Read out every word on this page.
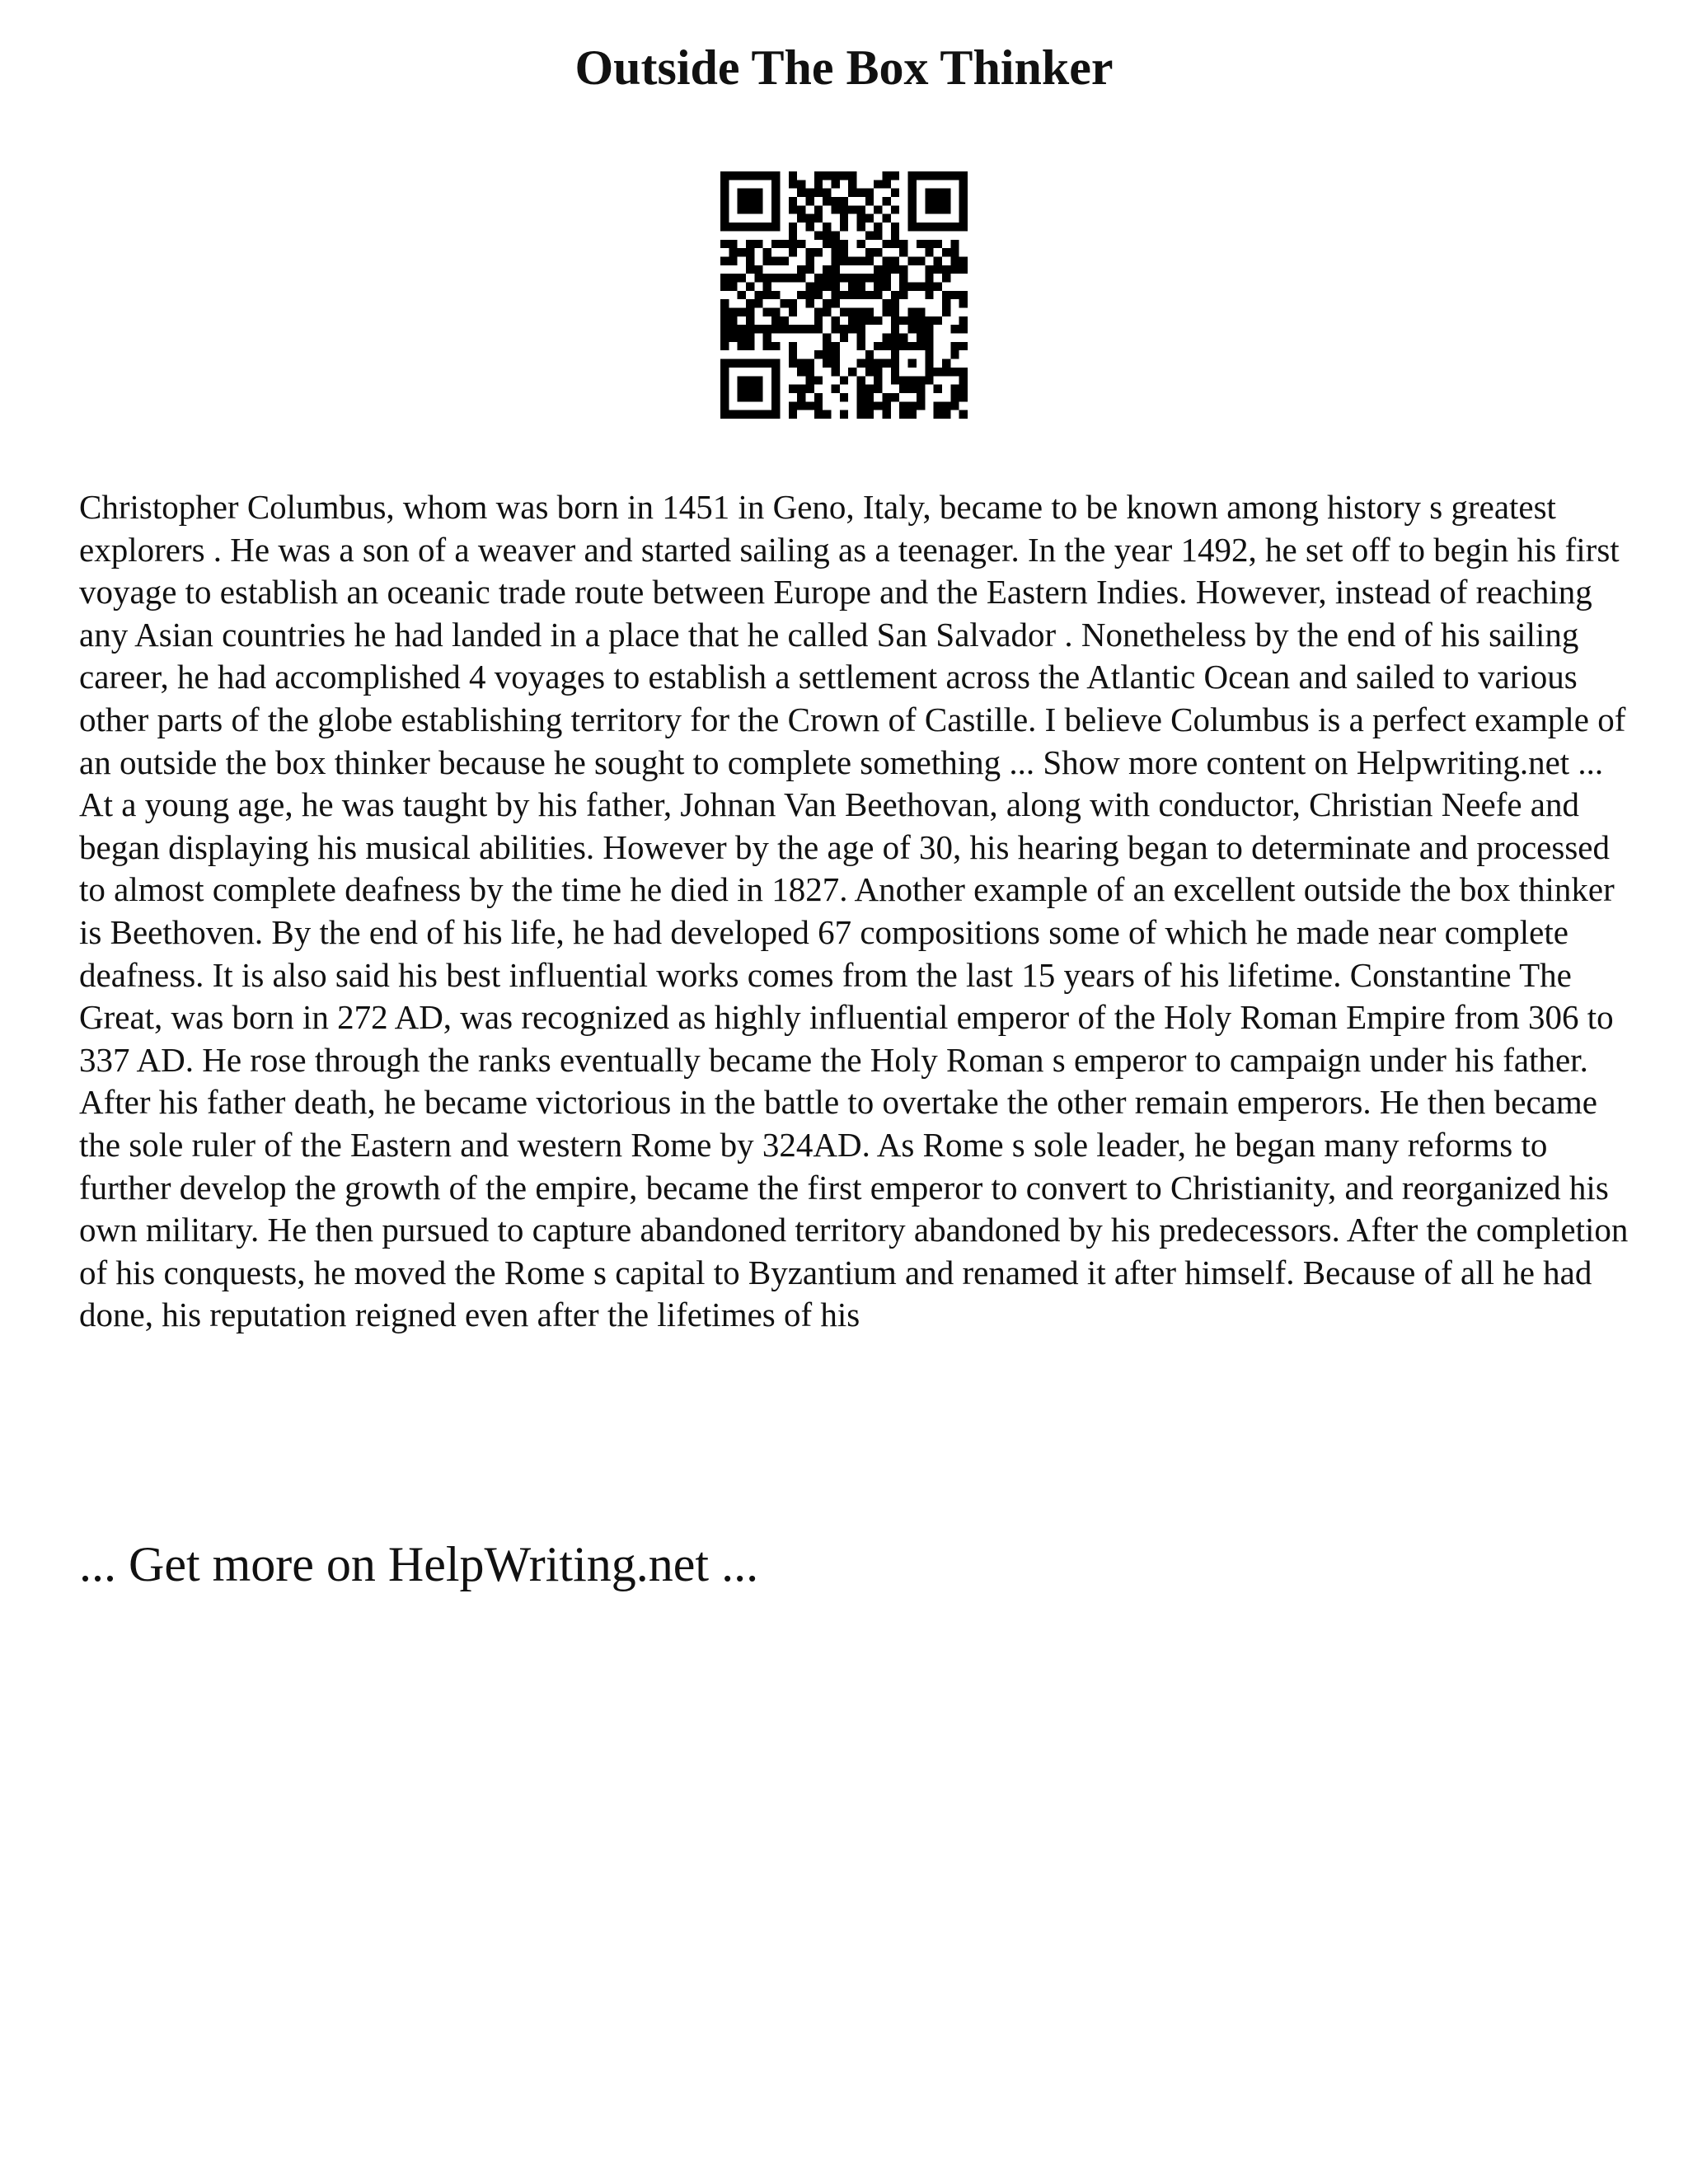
Outside The Box Thinker

Christopher Columbus, whom was born in 1451 in Geno, Italy, became to be known among history s greatest explorers . He was a son of a weaver and started sailing as a teenager. In the year 1492, he set off to begin his first voyage to establish an oceanic trade route between Europe and the Eastern Indies. However, instead of reaching any Asian countries he had landed in a place that he called San Salvador . Nonetheless by the end of his sailing career, he had accomplished 4 voyages to establish a settlement across the Atlantic Ocean and sailed to various other parts of the globe establishing territory for the Crown of Castille. I believe Columbus is a perfect example of an outside the box thinker because he sought to complete something ... Show more content on Helpwriting.net ...

At a young age, he was taught by his father, Johnan Van Beethovan, along with conductor, Christian Neefe and began displaying his musical abilities. However by the age of 30, his hearing began to determinate and processed to almost complete deafness by the time he died in 1827. Another example of an excellent outside the box thinker is Beethoven. By the end of his life, he had developed 67 compositions some of which he made near complete deafness. It is also said his best influential works comes from the last 15 years of his lifetime. Constantine The Great, was born in 272 AD, was recognized as highly influential emperor of the Holy Roman Empire from 306 to 337 AD. He rose through the ranks eventually became the Holy Roman s emperor to campaign under his father. After his father death, he became victorious in the battle to overtake the other remain emperors. He then became the sole ruler of the Eastern and western Rome by 324AD. As Rome s sole leader, he began many reforms to further develop the growth of the empire, became the first emperor to convert to Christianity, and reorganized his own military. He then pursued to capture abandoned territory abandoned by his predecessors. After the completion of his conquests, he moved the Rome s capital to Byzantium and renamed it after himself. Because of all he had done, his reputation reigned even after the lifetimes of his

... Get more on HelpWriting.net ...
